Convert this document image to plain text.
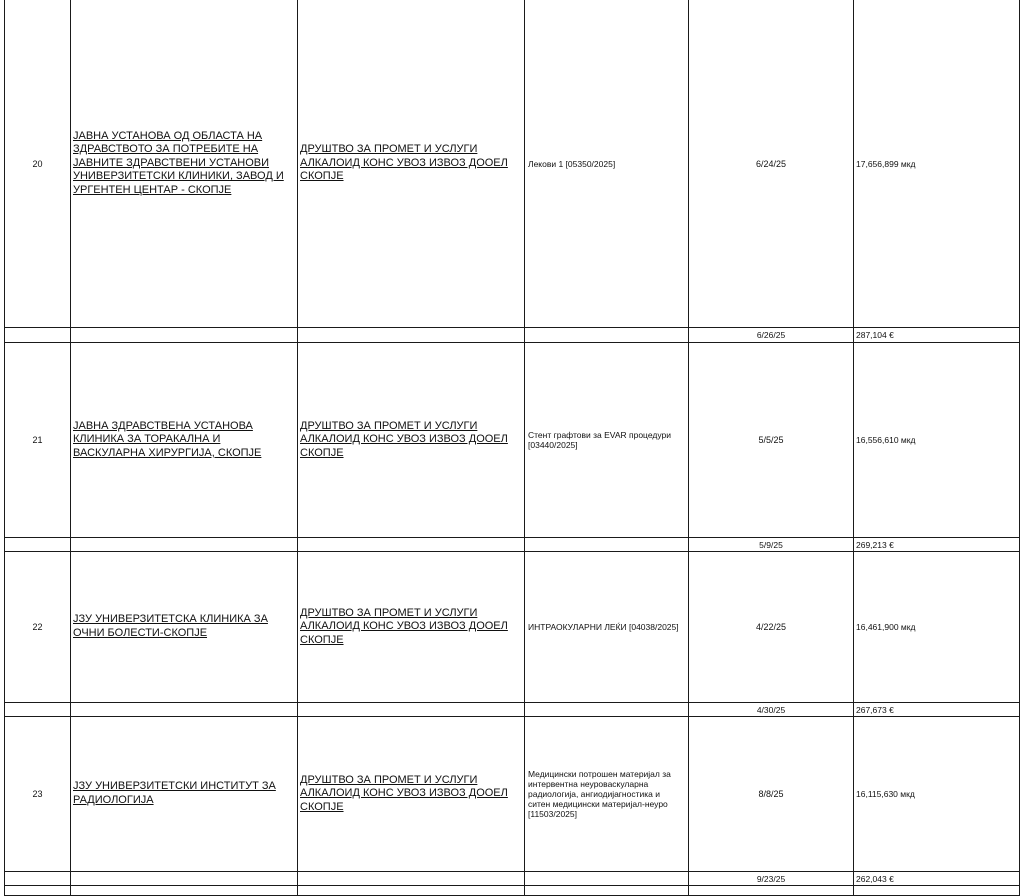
20	ЈАВНА УСТАНОВА ОД ОБЛАСТА НА ЗДРАВСТВОТО ЗА ПОТРЕБИТЕ НА ЈАВНИТЕ ЗДРАВСТВЕНИ УСТАНОВИ УНИВЕРЗИТЕТСКИ КЛИНИКИ, ЗАВОД И УРГЕНТЕН ЦЕНТАР - СКОПЈЕ	ДРУШТВО ЗА ПРОМЕТ И УСЛУГИ АЛКАЛОИД КОНС УВОЗ ИЗВОЗ ДООЕЛ СКОПЈЕ	Лекови 1 [05350/2025]	6/24/25	17,656,899 мкд
				6/26/25	287,104 €
21	ЈАВНА ЗДРАВСТВЕНА УСТАНОВА КЛИНИКА ЗА ТОРАКАЛНА И ВАСКУЛАРНА ХИРУРГИЈА, СКОПЈЕ	ДРУШТВО ЗА ПРОМЕТ И УСЛУГИ АЛКАЛОИД КОНС УВОЗ ИЗВОЗ ДООЕЛ СКОПЈЕ	Стент графтови за EVAR процедури [03440/2025]	5/5/25	16,556,610 мкд
				5/9/25	269,213 €
22	ЈЗУ УНИВЕРЗИТЕТСКА КЛИНИКА ЗА ОЧНИ БОЛЕСТИ-СКОПЈЕ	ДРУШТВО ЗА ПРОМЕТ И УСЛУГИ АЛКАЛОИД КОНС УВОЗ ИЗВОЗ ДООЕЛ СКОПЈЕ	ИНТРАОКУЛАРНИ ЛЕЌИ [04038/2025]	4/22/25	16,461,900 мкд
				4/30/25	267,673 €
23	ЈЗУ УНИВЕРЗИТЕТСКИ ИНСТИТУТ ЗА РАДИОЛОГИЈА	ДРУШТВО ЗА ПРОМЕТ И УСЛУГИ АЛКАЛОИД КОНС УВОЗ ИЗВОЗ ДООЕЛ СКОПЈЕ	Медицински потрошен материјал за интервентна неуроваскуларна радиологија, ангиодијагностика и ситен медицински материјал-неуро [11503/2025]	8/8/25	16,115,630 мкд
				9/23/25	262,043 €
